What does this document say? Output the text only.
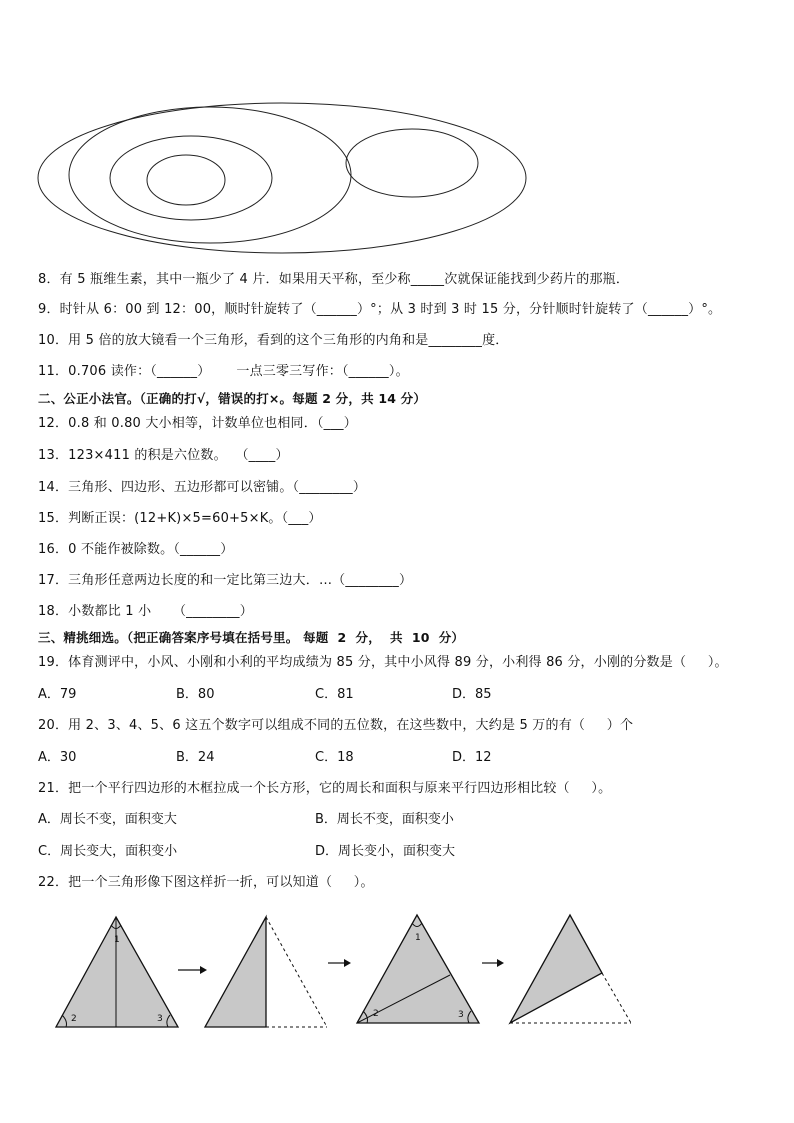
8．有 5 瓶维生素，其中一瓶少了 4 片．如果用天平称，至少称_____次就保证能找到少药片的那瓶．
9．时针从 6：00 到 12：00，顺时针旋转了（______）°；从 3 时到 3 时 15 分，分针顺时针旋转了（______）°。
10．用 5 倍的放大镜看一个三角形，看到的这个三角形的内角和是________度．
11．0.706 读作：（______）      一点三零三写作：（______）。
二、公正小法官。（正确的打√，错误的打×。每题 2 分，共 14 分）
12．0.8 和 0.80 大小相等，计数单位也相同．（___）
13．123×411 的积是六位数。  （____）
14．三角形、四边形、五边形都可以密铺。（________）
15．判断正误：(12+K)×5=60+5×K。（___）
16．0 不能作被除数。（______）
17．三角形任意两边长度的和一定比第三边大．…（________）
18．小数都比 1 小     （________）
三、精挑细选。（把正确答案序号填在括号里。 每题  2  分，  共  10  分）
19．体育测评中，小风、小刚和小利的平均成绩为 85 分，其中小风得 89 分，小利得 86 分，小刚的分数是（     ）。
A．79	B．80	C．81	D．85
20．用 2、3、4、5、6 这五个数字可以组成不同的五位数，在这些数中，大约是 5 万的有（     ）个
A．30	B．24	C．18	D．12
21．把一个平行四边形的木框拉成一个长方形，它的周长和面积与原来平行四边形相比较（     ）。
A．周长不变，面积变大	B．周长不变，面积变小
C．周长变大，面积变小	D．周长变小，面积变大
22．把一个三角形像下图这样折一折，可以知道（     ）。
1
2	3
1
2	3
